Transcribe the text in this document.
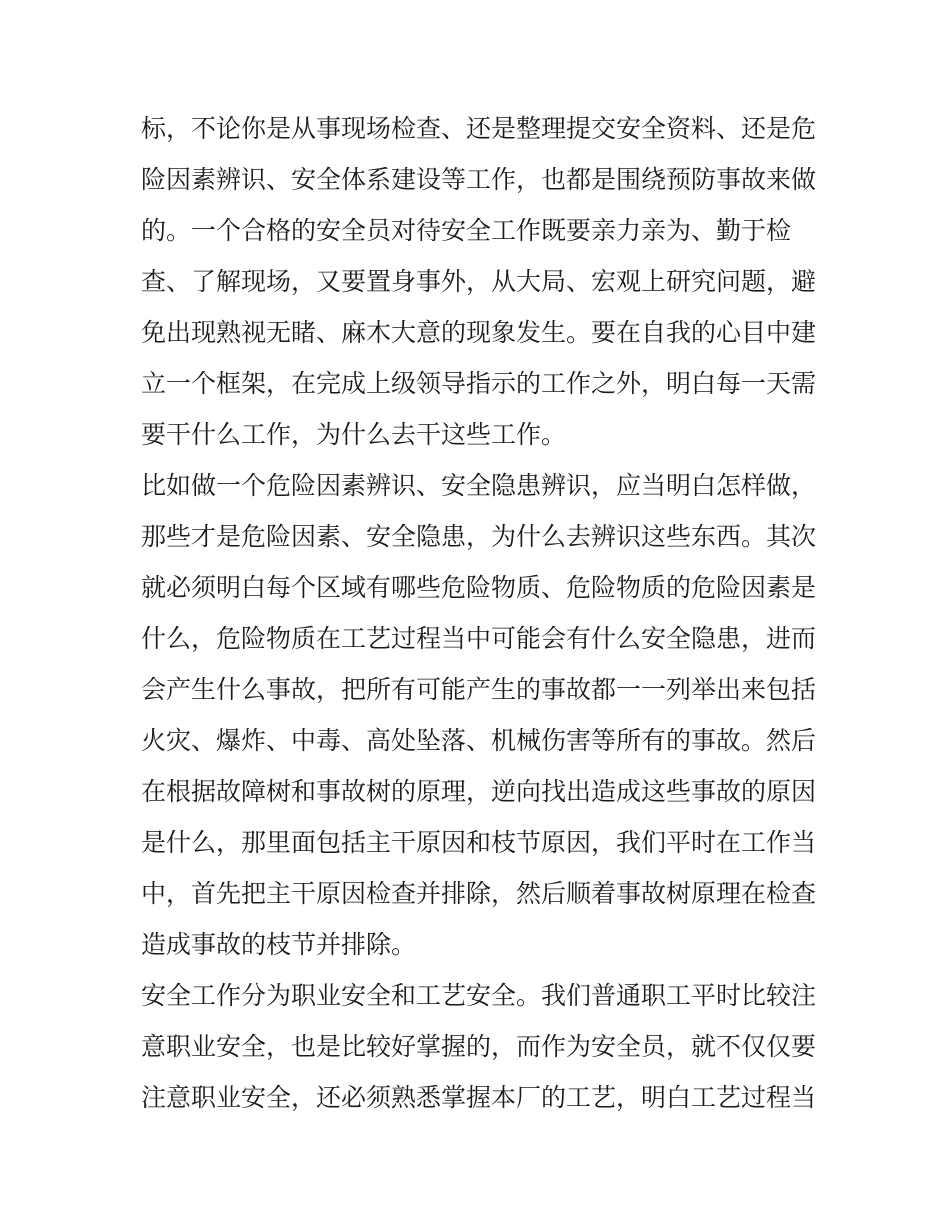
标，不论你是从事现场检查、还是整理提交安全资料、还是危
险因素辨识、安全体系建设等工作，也都是围绕预防事故来做
的。一个合格的安全员对待安全工作既要亲力亲为、勤于检
查、了解现场，又要置身事外，从大局、宏观上研究问题，避
免出现熟视无睹、麻木大意的现象发生。要在自我的心目中建
立一个框架，在完成上级领导指示的工作之外，明白每一天需
要干什么工作，为什么去干这些工作。
比如做一个危险因素辨识、安全隐患辨识，应当明白怎样做，
那些才是危险因素、安全隐患，为什么去辨识这些东西。其次
就必须明白每个区域有哪些危险物质、危险物质的危险因素是
什么，危险物质在工艺过程当中可能会有什么安全隐患，进而
会产生什么事故，把所有可能产生的事故都一一列举出来包括
火灾、爆炸、中毒、高处坠落、机械伤害等所有的事故。然后
在根据故障树和事故树的原理，逆向找出造成这些事故的原因
是什么，那里面包括主干原因和枝节原因，我们平时在工作当
中，首先把主干原因检查并排除，然后顺着事故树原理在检查
造成事故的枝节并排除。
安全工作分为职业安全和工艺安全。我们普通职工平时比较注
意职业安全，也是比较好掌握的，而作为安全员，就不仅仅要
注意职业安全，还必须熟悉掌握本厂的工艺，明白工艺过程当
